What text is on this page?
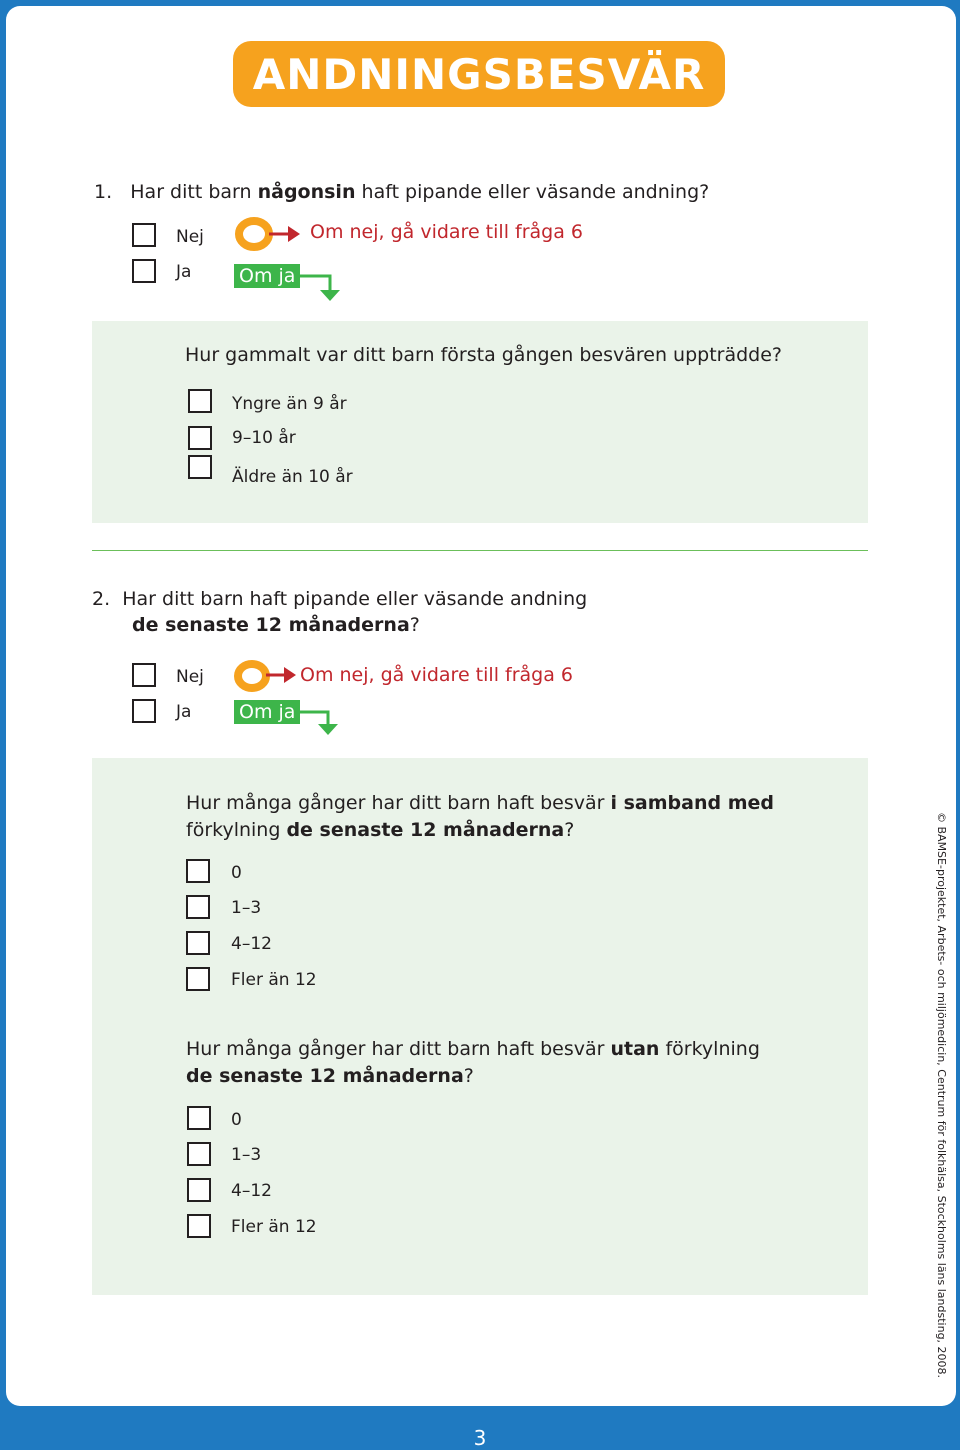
ANDNINGSBESVÄR
1. Har ditt barn någonsin haft pipande eller väsande andning?
Nej
Ja
Om nej, gå vidare till fråga 6
Om ja
Hur gammalt var ditt barn första gången besvären uppträdde?
Yngre än 9 år
9–10 år
Äldre än 10 år
2. Har ditt barn haft pipande eller väsande andning
de senaste 12 månaderna?
Nej
Ja
Om nej, gå vidare till fråga 6
Om ja
Hur många gånger har ditt barn haft besvär i samband med
förkylning de senaste 12 månaderna?
0
1–3
4–12
Fler än 12
Hur många gånger har ditt barn haft besvär utan förkylning
de senaste 12 månaderna?
0
1–3
4–12
Fler än 12	© BAMSE-projektet, Arbets- och miljömedicin, Centrum för folkhälsa, Stockholms läns landsting, 2008.
3
